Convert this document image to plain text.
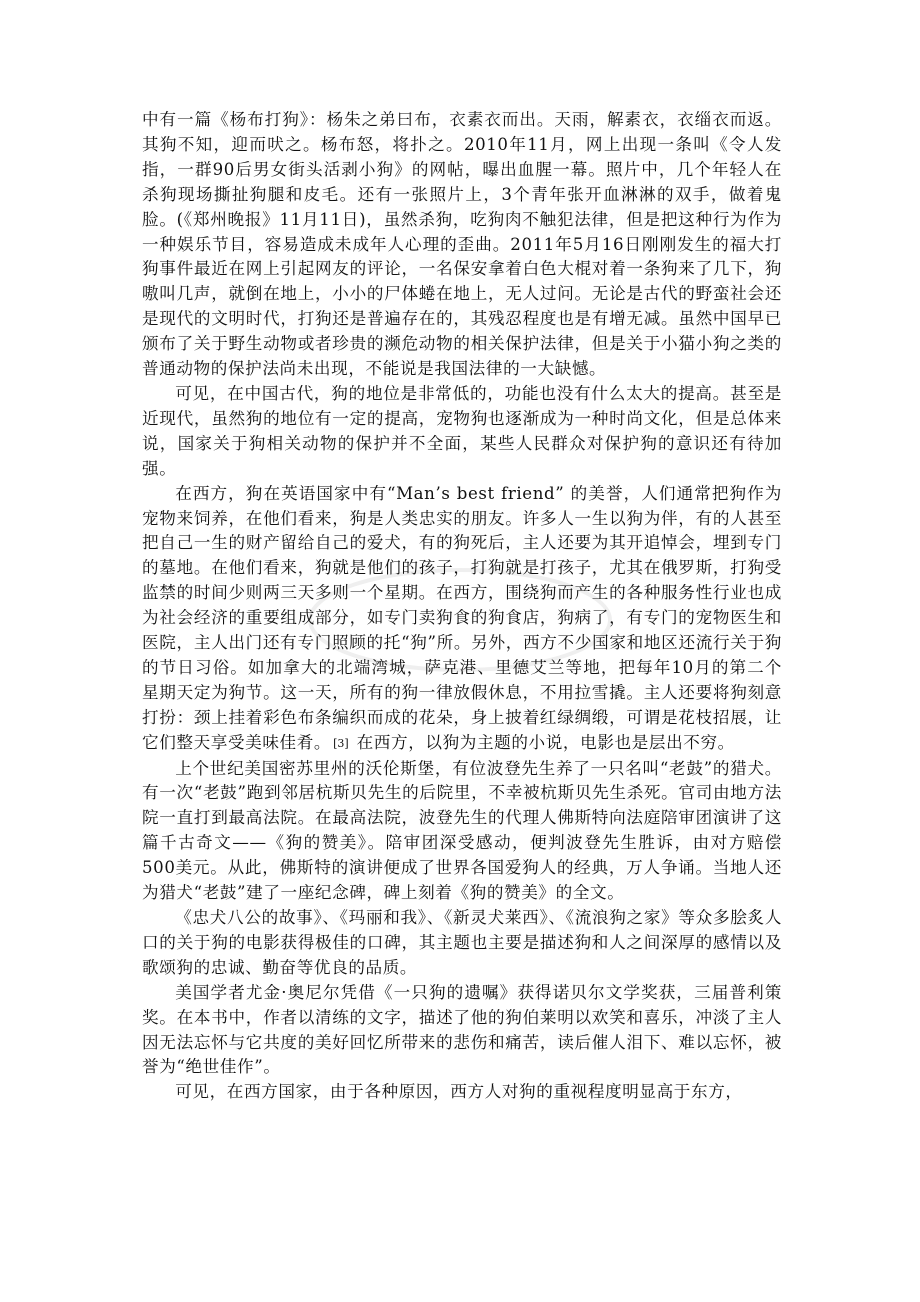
中有一篇《杨布打狗》：杨朱之弟曰布，衣素衣而出。天雨，解素衣，衣缁衣而返。其狗不知，迎而吠之。杨布怒，将扑之。2010年11月，网上出现一条叫《令人发指，一群90后男女街头活剥小狗》的网帖，曝出血腥一幕。照片中，几个年轻人在杀狗现场撕扯狗腿和皮毛。还有一张照片上，3个青年张开血淋淋的双手，做着鬼脸。(《郑州晚报》11月11日)，虽然杀狗，吃狗肉不触犯法律，但是把这种行为作为一种娱乐节目，容易造成未成年人心理的歪曲。2011年5月16日刚刚发生的福大打狗事件最近在网上引起网友的评论，一名保安拿着白色大棍对着一条狗来了几下，狗嗷叫几声，就倒在地上，小小的尸体蜷在地上，无人过问。无论是古代的野蛮社会还是现代的文明时代，打狗还是普遍存在的，其残忍程度也是有增无减。虽然中国早已颁布了关于野生动物或者珍贵的濒危动物的相关保护法律，但是关于小猫小狗之类的普通动物的保护法尚未出现，不能说是我国法律的一大缺憾。

可见，在中国古代，狗的地位是非常低的，功能也没有什么太大的提高。甚至是近现代，虽然狗的地位有一定的提高，宠物狗也逐渐成为一种时尚文化，但是总体来说，国家关于狗相关动物的保护并不全面，某些人民群众对保护狗的意识还有待加强。

在西方，狗在英语国家中有“Man’s best friend” 的美誉，人们通常把狗作为宠物来饲养，在他们看来，狗是人类忠实的朋友。许多人一生以狗为伴，有的人甚至把自己一生的财产留给自己的爱犬，有的狗死后，主人还要为其开追悼会，埋到专门的墓地。在他们看来，狗就是他们的孩子，打狗就是打孩子，尤其在俄罗斯，打狗受监禁的时间少则两三天多则一个星期。在西方，围绕狗而产生的各种服务性行业也成为社会经济的重要组成部分，如专门卖狗食的狗食店，狗病了，有专门的宠物医生和医院，主人出门还有专门照顾的托“狗”所。另外，西方不少国家和地区还流行关于狗的节日习俗。如加拿大的北端湾城，萨克港、里德艾兰等地，把每年10月的第二个星期天定为狗节。这一天，所有的狗一律放假休息，不用拉雪撬。主人还要将狗刻意打扮：颈上挂着彩色布条编织而成的花朵，身上披着红绿绸缎，可谓是花枝招展，让它们整天享受美味佳肴。 [3] 在西方，以狗为主题的小说，电影也是层出不穷。

上个世纪美国密苏里州的沃伦斯堡，有位波登先生养了一只名叫“老鼓”的猎犬。有一次“老鼓”跑到邻居杭斯贝先生的后院里，不幸被杭斯贝先生杀死。官司由地方法院一直打到最高法院。在最高法院，波登先生的代理人佛斯特向法庭陪审团演讲了这篇千古奇文——《狗的赞美》。陪审团深受感动，便判波登先生胜诉，由对方赔偿500美元。从此，佛斯特的演讲便成了世界各国爱狗人的经典，万人争诵。当地人还为猎犬“老鼓”建了一座纪念碑，碑上刻着《狗的赞美》的全文。

《忠犬八公的故事》、《玛丽和我》、《新灵犬莱西》、《流浪狗之家》等众多脍炙人口的关于狗的电影获得极佳的口碑，其主题也主要是描述狗和人之间深厚的感情以及歌颂狗的忠诚、勤奋等优良的品质。

美国学者尤金·奥尼尔凭借《一只狗的遗嘱》获得诺贝尔文学奖获，三届普利策奖。在本书中，作者以清练的文字，描述了他的狗伯莱明以欢笑和喜乐，冲淡了主人因无法忘怀与它共度的美好回忆所带来的悲伤和痛苦，读后催人泪下、难以忘怀，被誉为“绝世佳作”。

可见，在西方国家，由于各种原因，西方人对狗的重视程度明显高于东方，
